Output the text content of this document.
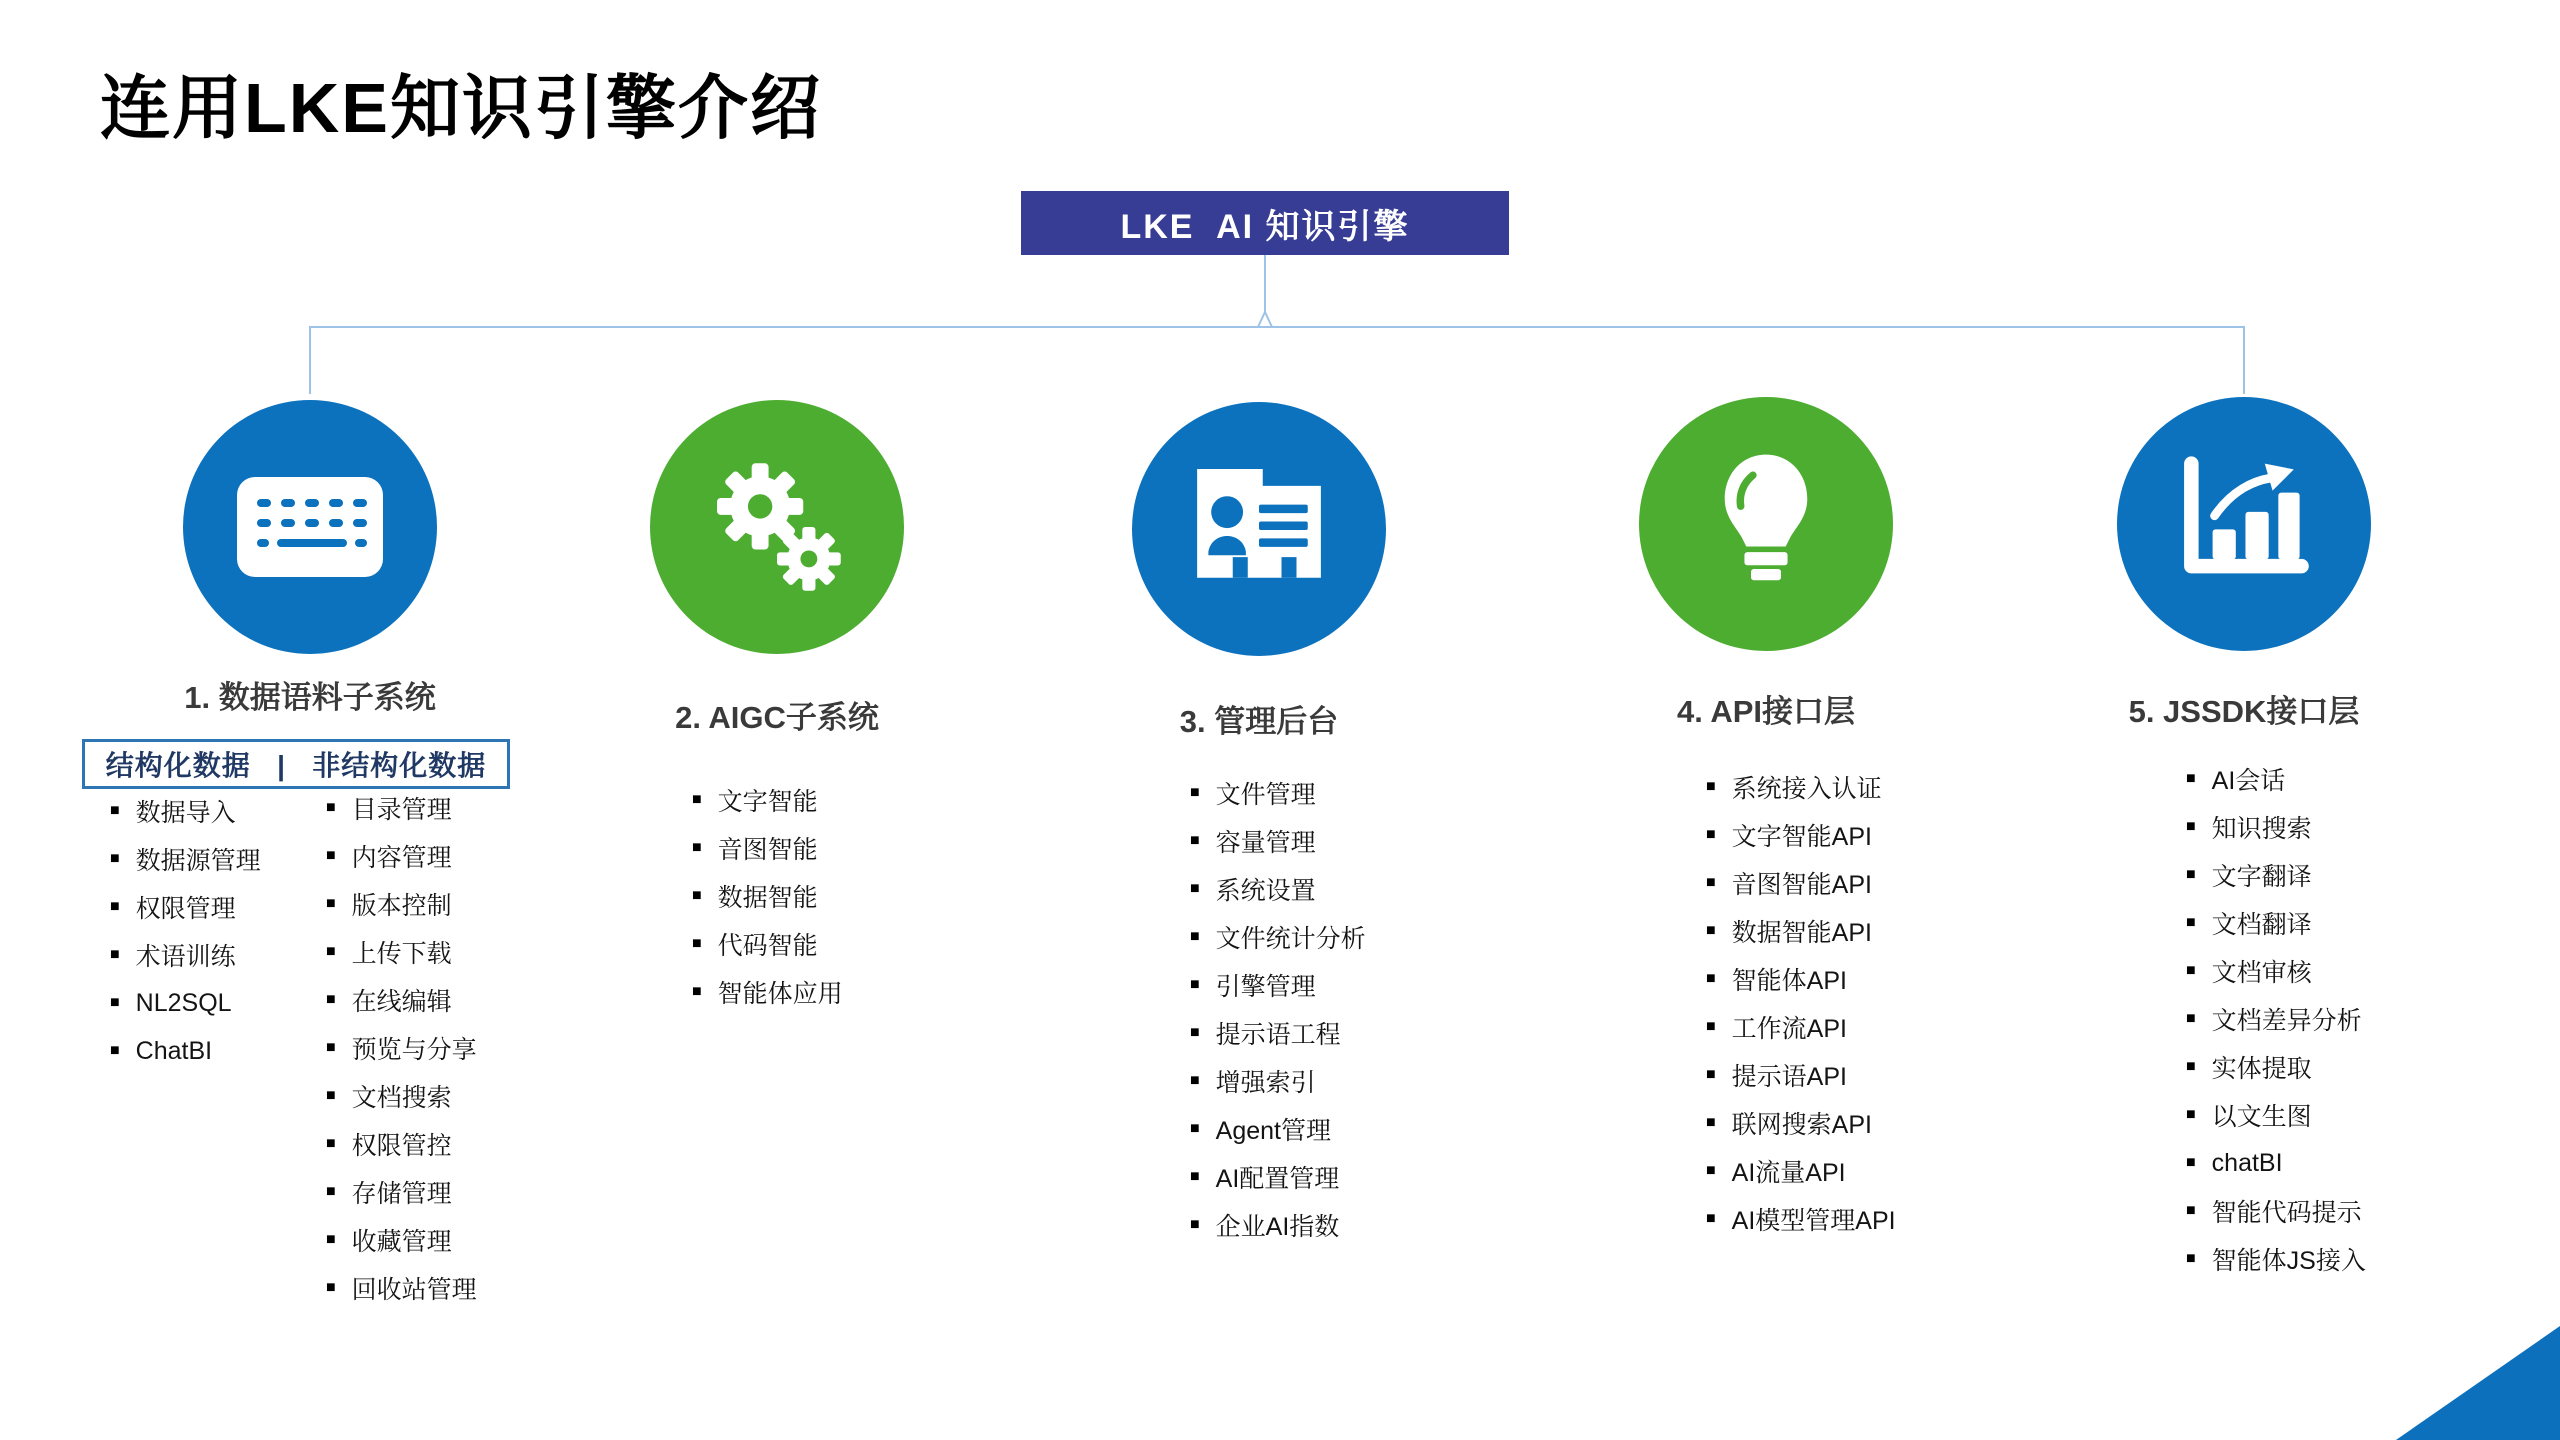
连用LKE知识引擎介绍
LKE  AI 知识引擎
1. 数据语料子系统
结构化数据   |   非结构化数据
■ 数据导入
■ 数据源管理
■ 权限管理
■ 术语训练
■ NL2SQL
■ ChatBI
■ 目录管理
■ 内容管理
■ 版本控制
■ 上传下载
■ 在线编辑
■ 预览与分享
■ 文档搜索
■ 权限管控
■ 存储管理
■ 收藏管理
■ 回收站管理
2. AIGC子系统
■ 文字智能
■ 音图智能
■ 数据智能
■ 代码智能
■ 智能体应用
3. 管理后台
■ 文件管理
■ 容量管理
■ 系统设置
■ 文件统计分析
■ 引擎管理
■ 提示语工程
■ 增强索引
■ Agent管理
■ AI配置管理
■ 企业AI指数
4. API接口层
■ 系统接入认证
■ 文字智能API
■ 音图智能API
■ 数据智能API
■ 智能体API
■ 工作流API
■ 提示语API
■ 联网搜索API
■ AI流量API
■ AI模型管理API
5. JSSDK接口层
■ AI会话
■ 知识搜索
■ 文字翻译
■ 文档翻译
■ 文档审核
■ 文档差异分析
■ 实体提取
■ 以文生图
■ chatBI
■ 智能代码提示
■ 智能体JS接入
